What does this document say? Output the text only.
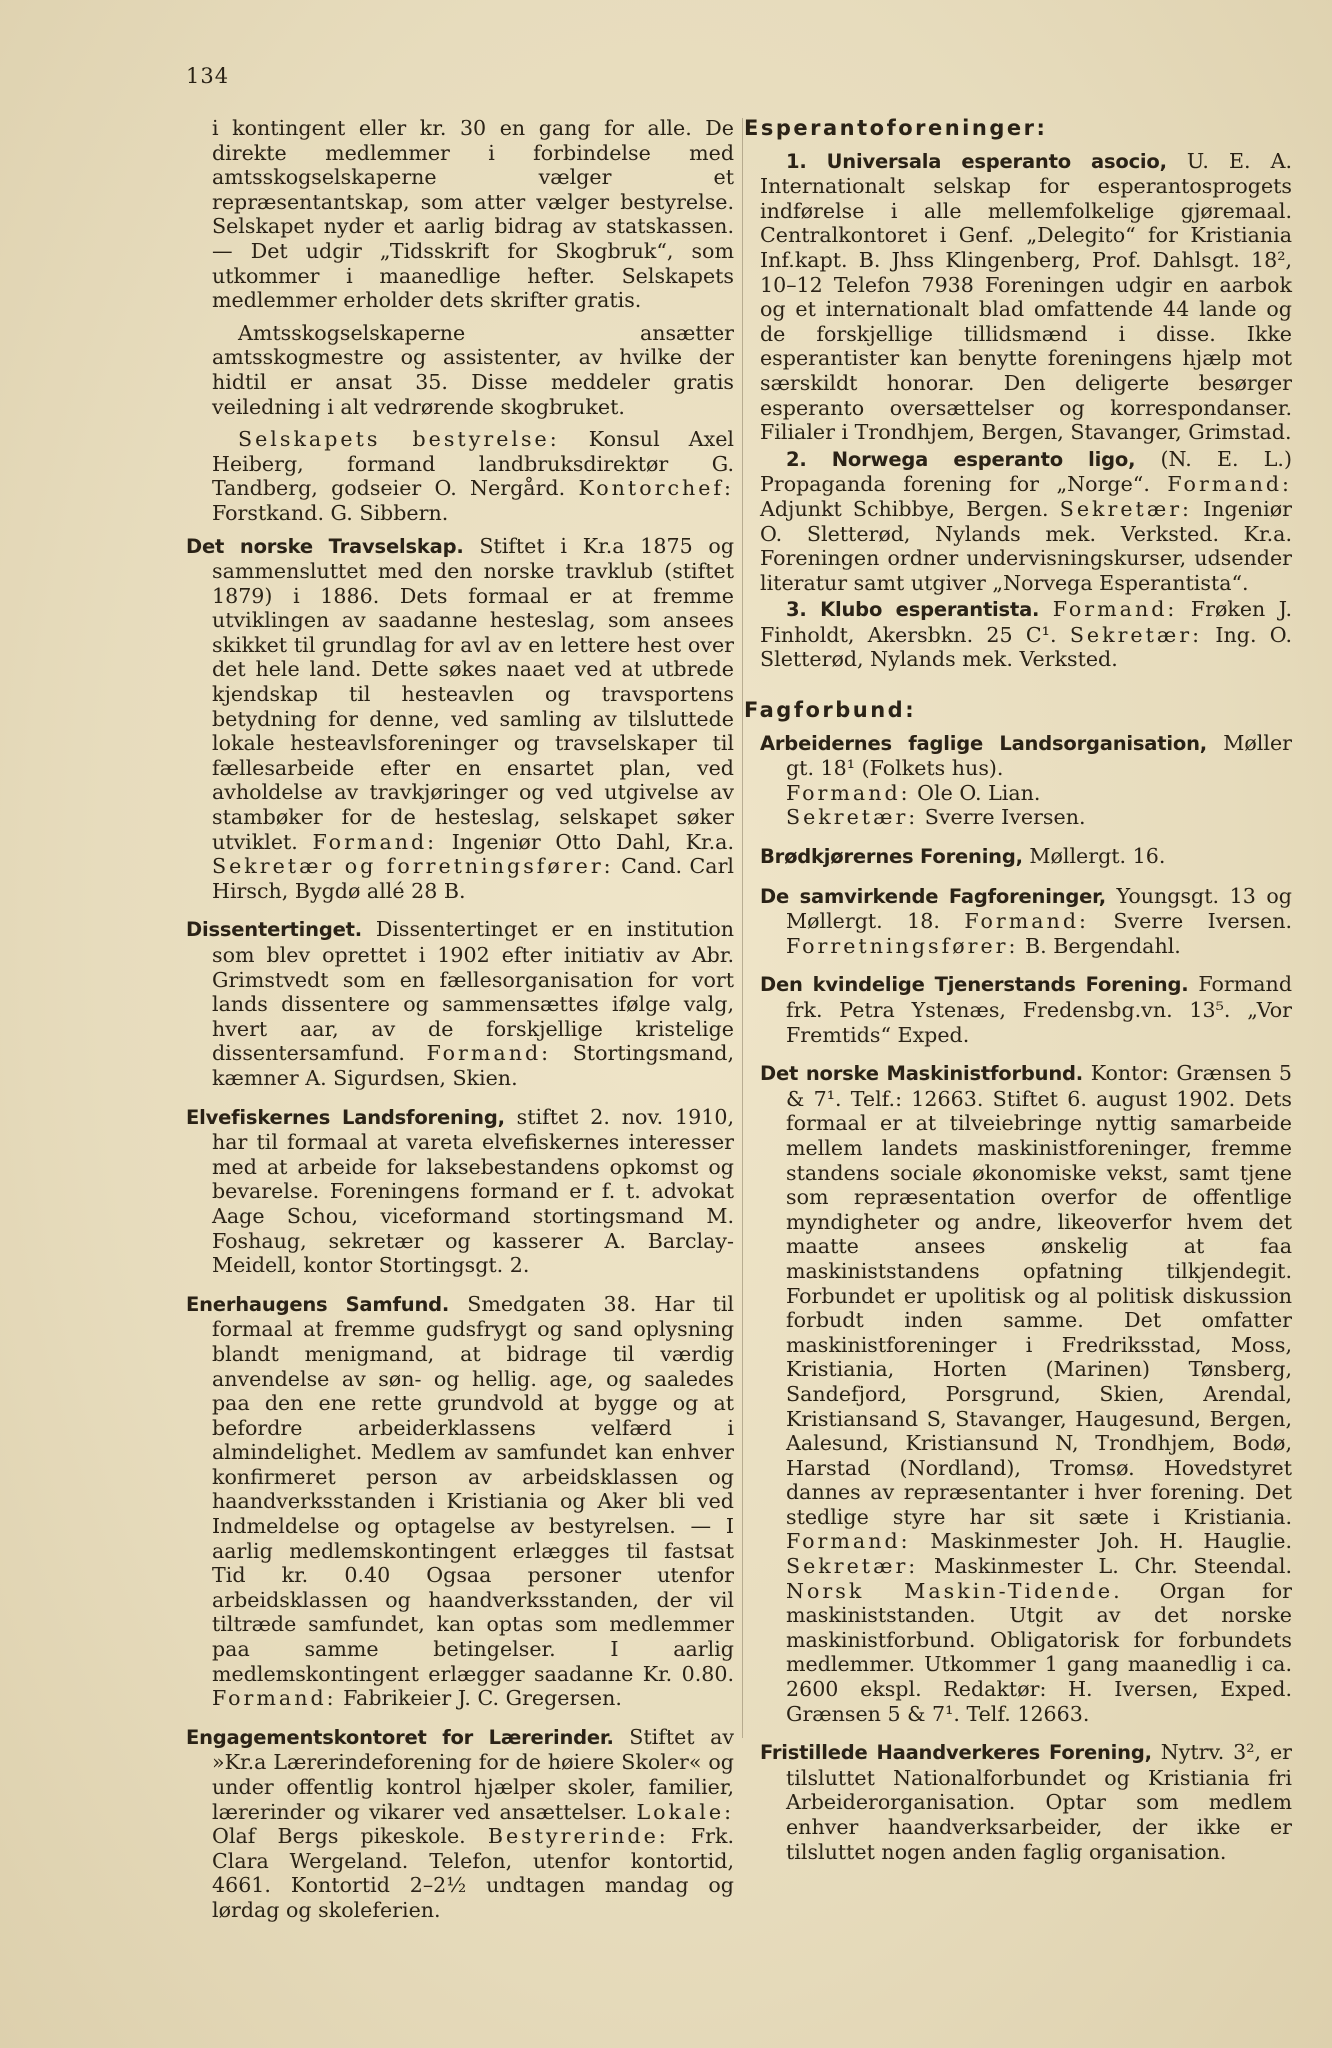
134

i kontingent eller kr. 30 en gang for alle. De direkte medlemmer i forbindelse med amtsskogselskaperne vælger et repræsentantskap, som atter vælger bestyrelse. Selskapet nyder et aarlig bidrag av statskassen. — Det udgir „Tidsskrift for Skogbruk“, som utkommer i maanedlige hefter. Selskapets medlemmer erholder dets skrifter gratis.

Amtsskogselskaperne ansætter amtsskogmestre og assistenter, av hvilke der hidtil er ansat 35. Disse meddeler gratis veiledning i alt vedrørende skogbruket.

Selskapets bestyrelse: Konsul Axel Heiberg, formand landbruksdirektør G. Tandberg, godseier O. Nergård. Kontorchef: Forstkand. G. Sibbern.

Det norske Travselskap. Stiftet i Kr.a 1875 og sammensluttet med den norske travklub (stiftet 1879) i 1886. Dets formaal er at fremme utviklingen av saadanne hesteslag, som ansees skikket til grundlag for avl av en lettere hest over det hele land. Dette søkes naaet ved at utbrede kjendskap til hesteavlen og travsportens betydning for denne, ved samling av tilsluttede lokale hesteavlsforeninger og travselskaper til fællesarbeide efter en ensartet plan, ved avholdelse av travkjøringer og ved utgivelse av stambøker for de hesteslag, selskapet søker utviklet. Formand: Ingeniør Otto Dahl, Kr.a. Sekretær og forretningsfører: Cand. Carl Hirsch, Bygdø allé 28 B.

Dissentertinget. Dissentertinget er en institution som blev oprettet i 1902 efter initiativ av Abr. Grimstvedt som en fællesorganisation for vort lands dissentere og sammensættes ifølge valg, hvert aar, av de forskjellige kristelige dissentersamfund. Formand: Stortingsmand, kæmner A. Sigurdsen, Skien.

Elvefiskernes Landsforening, stiftet 2. nov. 1910, har til formaal at vareta elvefiskernes interesser med at arbeide for laksebestandens opkomst og bevarelse. Foreningens formand er f. t. advokat Aage Schou, viceformand stortingsmand M. Foshaug, sekretær og kasserer A. Barclay-Meidell, kontor Stortingsgt. 2.

Enerhaugens Samfund. Smedgaten 38. Har til formaal at fremme gudsfrygt og sand oplysning blandt menigmand, at bidrage til værdig anvendelse av søn- og hellig. age, og saaledes paa den ene rette grundvold at bygge og at befordre arbeiderklassens velfærd i almindelighet. Medlem av samfundet kan enhver konfirmeret person av arbeidsklassen og haandverksstanden i Kristiania og Aker bli ved Indmeldelse og optagelse av bestyrelsen. — I aarlig medlemskontingent erlægges til fastsat Tid kr. 0.40 Ogsaa personer utenfor arbeidsklassen og haandverksstanden, der vil tiltræde samfundet, kan optas som medlemmer paa samme betingelser. I aarlig medlemskontingent erlægger saadanne Kr. 0.80. Formand: Fabrikeier J. C. Gregersen.

Engagementskontoret for Lærerinder. Stiftet av »Kr.a Lærerindeforening for de høiere Skoler« og under offentlig kontrol hjælper skoler, familier, lærerinder og vikarer ved ansættelser. Lokale: Olaf Bergs pikeskole. Bestyrerinde: Frk. Clara Wergeland. Telefon, utenfor kontortid, 4661. Kontortid 2–2½ undtagen mandag og lørdag og skoleferien.

Esperantoforeninger:

1. Universala esperanto asocio, U. E. A. Internationalt selskap for esperantosprogets indførelse i alle mellemfolkelige gjøremaal. Centralkontoret i Genf. „Delegito“ for Kristiania Inf.kapt. B. Jhss Klingenberg, Prof. Dahlsgt. 18², 10–12 Telefon 7938 Foreningen udgir en aarbok og et internationalt blad omfattende 44 lande og de forskjellige tillidsmænd i disse. Ikke esperantister kan benytte foreningens hjælp mot særskildt honorar. Den deligerte besørger esperanto oversættelser og korrespondanser. Filialer i Trondhjem, Bergen, Stavanger, Grimstad.

2. Norwega esperanto ligo, (N. E. L.) Propaganda forening for „Norge“. Formand: Adjunkt Schibbye, Bergen. Sekretær: Ingeniør O. Sletterød, Nylands mek. Verksted. Kr.a. Foreningen ordner undervisningskurser, udsender literatur samt utgiver „Norvega Esperantista“.

3. Klubo esperantista. Formand: Frøken J. Finholdt, Akersbkn. 25 C¹. Sekretær: Ing. O. Sletterød, Nylands mek. Verksted.

Fagforbund:

Arbeidernes faglige Landsorganisation, Møller gt. 18¹ (Folkets hus).
Formand: Ole O. Lian.
Sekretær: Sverre Iversen.

Brødkjørernes Forening, Møllergt. 16.

De samvirkende Fagforeninger, Youngsgt. 13 og Møllergt. 18. Formand: Sverre Iversen. Forretningsfører: B. Bergendahl.

Den kvindelige Tjenerstands Forening. Formand frk. Petra Ystenæs, Fredensbg.vn. 13⁵. „Vor Fremtids“ Exped.

Det norske Maskinistforbund. Kontor: Grænsen 5 & 7¹. Telf.: 12663. Stiftet 6. august 1902. Dets formaal er at tilveiebringe nyttig samarbeide mellem landets maskinistforeninger, fremme standens sociale økonomiske vekst, samt tjene som repræsentation overfor de offentlige myndigheter og andre, likeoverfor hvem det maatte ansees ønskelig at faa maskiniststandens opfatning tilkjendegit. Forbundet er upolitisk og al politisk diskussion forbudt inden samme. Det omfatter maskinistforeninger i Fredriksstad, Moss, Kristiania, Horten (Marinen) Tønsberg, Sandefjord, Porsgrund, Skien, Arendal, Kristiansand S, Stavanger, Haugesund, Bergen, Aalesund, Kristiansund N, Trondhjem, Bodø, Harstad (Nordland), Tromsø. Hovedstyret dannes av repræsentanter i hver forening. Det stedlige styre har sit sæte i Kristiania. Formand: Maskinmester Joh. H. Hauglie. Sekretær: Maskinmester L. Chr. Steendal. Norsk Maskin-Tidende. Organ for maskiniststanden. Utgit av det norske maskinistforbund. Obligatorisk for forbundets medlemmer. Utkommer 1 gang maanedlig i ca. 2600 ekspl. Redaktør: H. Iversen, Exped. Grænsen 5 & 7¹. Telf. 12663.

Fristillede Haandverkeres Forening, Nytrv. 3², er tilsluttet Nationalforbundet og Kristiania fri Arbeiderorganisation. Optar som medlem enhver haandverksarbeider, der ikke er tilsluttet nogen anden faglig organisation.
